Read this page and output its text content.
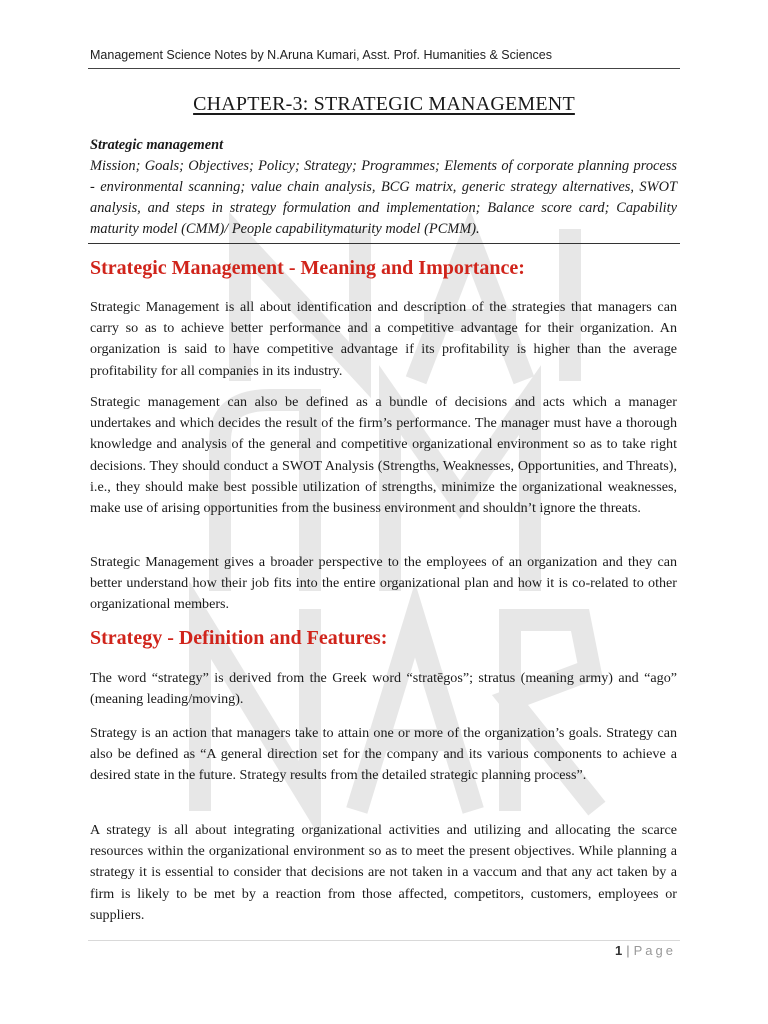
Management Science Notes by N.Aruna Kumari, Asst. Prof. Humanities & Sciences
CHAPTER-3: STRATEGIC MANAGEMENT
Strategic management
Mission; Goals; Objectives; Policy; Strategy; Programmes; Elements of corporate planning process - environmental scanning; value chain analysis, BCG matrix, generic strategy alternatives, SWOT analysis, and steps in strategy formulation and implementation; Balance score card; Capability maturity model (CMM)/ People capabilitymaturity model (PCMM).
Strategic Management - Meaning and Importance:
Strategic Management is all about identification and description of the strategies that managers can carry so as to achieve better performance and a competitive advantage for their organization. An organization is said to have competitive advantage if its profitability is higher than the average profitability for all companies in its industry.
Strategic management can also be defined as a bundle of decisions and acts which a manager undertakes and which decides the result of the firm’s performance. The manager must have a thorough knowledge and analysis of the general and competitive organizational environment so as to take right decisions. They should conduct a SWOT Analysis (Strengths, Weaknesses, Opportunities, and Threats), i.e., they should make best possible utilization of strengths, minimize the organizational weaknesses, make use of arising opportunities from the business environment and shouldn’t ignore the threats.
Strategic Management gives a broader perspective to the employees of an organization and they can better understand how their job fits into the entire organizational plan and how it is co-related to other organizational members.
Strategy - Definition and Features:
The word “strategy” is derived from the Greek word “stratēgos”; stratus (meaning army) and “ago” (meaning leading/moving).
Strategy is an action that managers take to attain one or more of the organization’s goals. Strategy can also be defined as “A general direction set for the company and its various components to achieve a desired state in the future. Strategy results from the detailed strategic planning process”.
A strategy is all about integrating organizational activities and utilizing and allocating the scarce resources within the organizational environment so as to meet the present objectives. While planning a strategy it is essential to consider that decisions are not taken in a vaccum and that any act taken by a firm is likely to be met by a reaction from those affected, competitors, customers, employees or suppliers.
1 | Page
